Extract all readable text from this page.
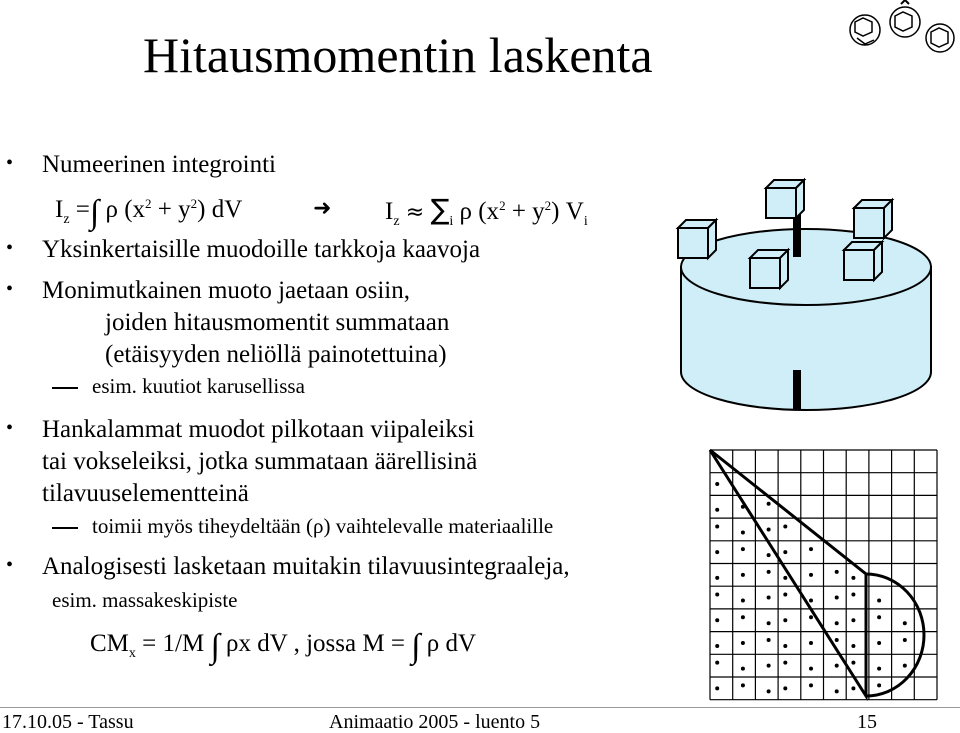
Hitausmomentin laskenta
• Numeerinen integrointi
$I_z$ =∫ ρ $(x^2 + y^2)$ dV	➜ $I_z \approx \sum_i$ ρ $(x^2 + y^2)$ $V_i$
• Yksinkertaisille muodoille tarkkoja kaavoja
• Monimutkainen muoto jaetaan osiin,
joiden hitausmomentit summataan
(etäisyyden neliöllä painotettuina)
esim. kuutiot karusellissa
• Hankalammat muodot pilkotaan viipaleiksi
tai vokseleiksi, jotka summataan äärellisinä
tilavuuselementteinä
toimii myös tiheydeltään (ρ) vaihtelevalle materiaalille
• Analogisesti lasketaan muitakin tilavuusintegraaleja,
esim. massakeskipiste
$CM_x = 1/M$ ∫ ρx dV , jossa M = ∫ ρ dV
17.10.05 - Tassu	Animaatio 2005 - luento 5	15
